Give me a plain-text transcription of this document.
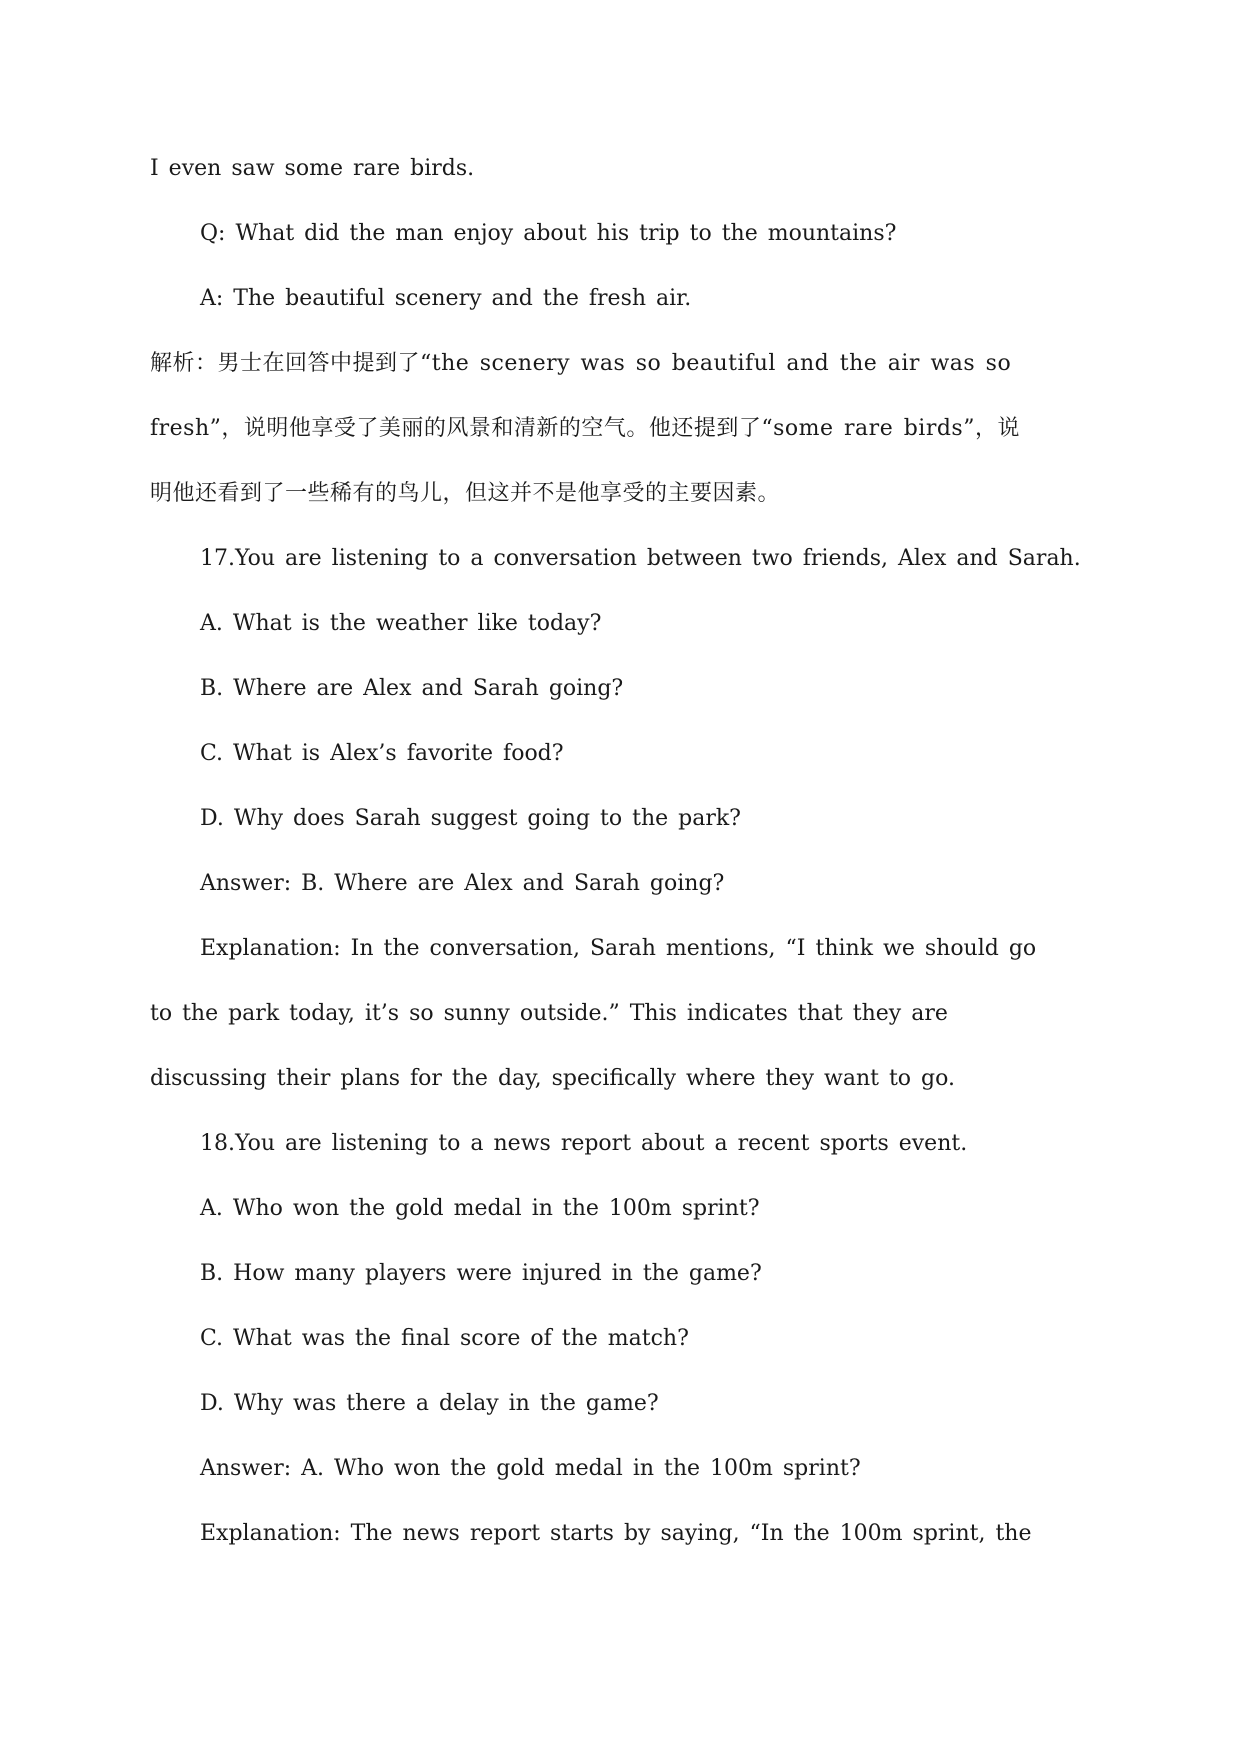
I even saw some rare birds.
Q: What did the man enjoy about his trip to the mountains?
A: The beautiful scenery and the fresh air.
解析：男士在回答中提到了“the scenery was so beautiful and the air was so
fresh”，说明他享受了美丽的风景和清新的空气。他还提到了“some rare birds”，说
明他还看到了一些稀有的鸟儿，但这并不是他享受的主要因素。
17.You are listening to a conversation between two friends, Alex and Sarah.
A. What is the weather like today?
B. Where are Alex and Sarah going?
C. What is Alex’s favorite food?
D. Why does Sarah suggest going to the park?
Answer: B. Where are Alex and Sarah going?
Explanation: In the conversation, Sarah mentions, “I think we should go
to the park today, it’s so sunny outside.” This indicates that they are
discussing their plans for the day, specifically where they want to go.
18.You are listening to a news report about a recent sports event.
A. Who won the gold medal in the 100m sprint?
B. How many players were injured in the game?
C. What was the final score of the match?
D. Why was there a delay in the game?
Answer: A. Who won the gold medal in the 100m sprint?
Explanation: The news report starts by saying, “In the 100m sprint, the
